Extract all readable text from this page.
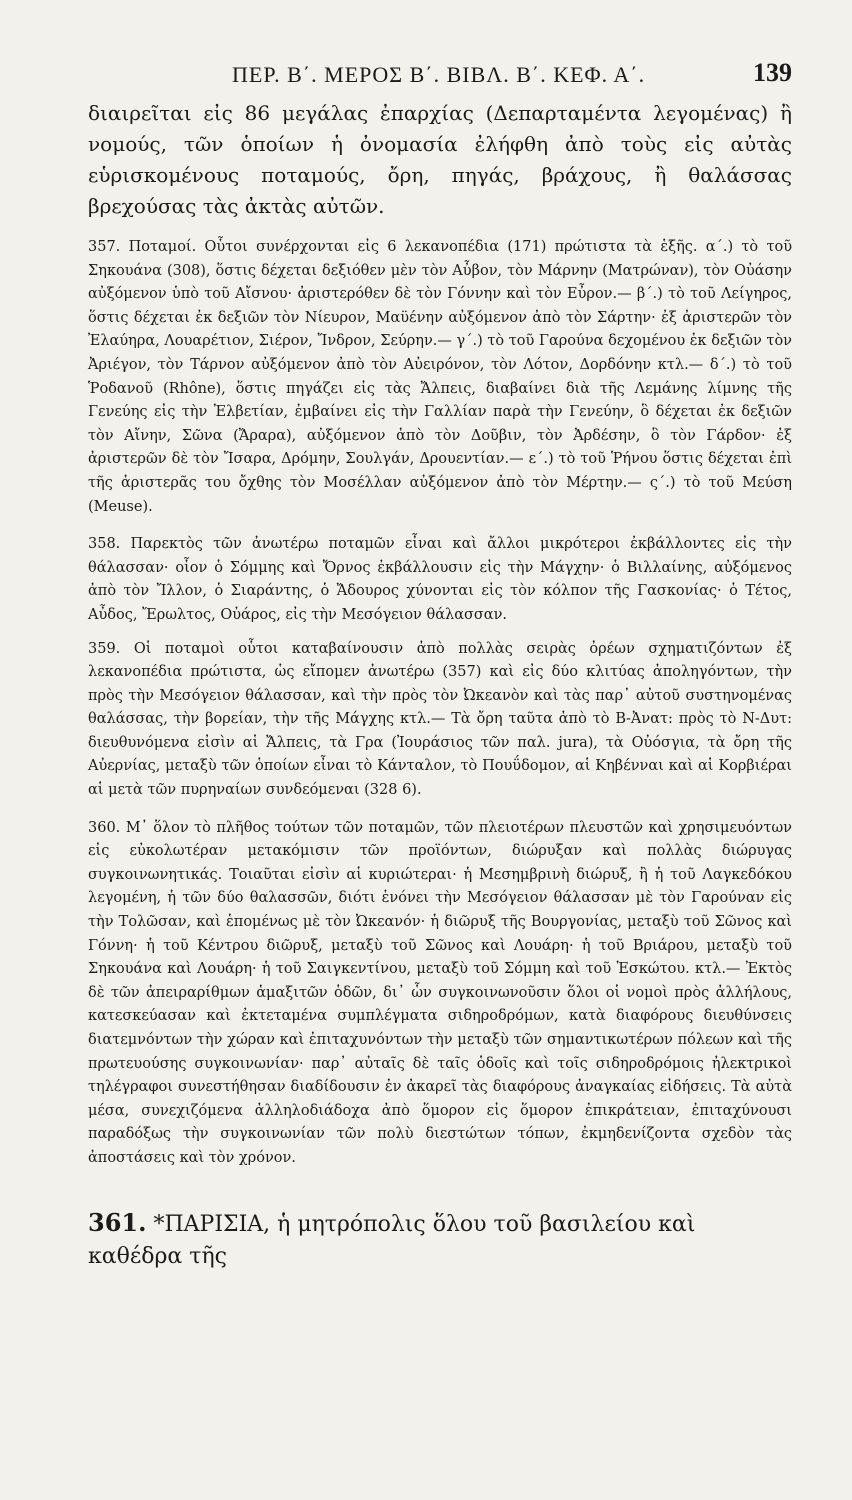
ΠΕΡ. Β΄. ΜΕΡΟΣ Β΄. ΒΙΒΛ. Β΄. ΚΕΦ. Α΄.	139

διαιρεῖται εἰς 86 μεγάλας ἐπαρχίας (Δεπαρταμέντα λεγομένας) ἢ νομούς, τῶν ὁποίων ἡ ὀνομασία ἐλήφθη ἀπὸ τοὺς εἰς αὐτὰς εὑρισκομένους ποταμούς, ὄρη, πηγάς, βράχους, ἢ θαλάσσας βρεχούσας τὰς ἀκτὰς αὐτῶν.

357. Ποταμοί. Οὗτοι συνέρχονται εἰς 6 λεκανοπέδια (171) πρώτιστα τὰ ἑξῆς. α΄.) τὸ τοῦ Σηκουάνα (308), ὅστις δέχεται δεξιόθεν μὲν τὸν Αὖβον, τὸν Μάρνην (Ματρώναν), τὸν Οὐάσην αὐξόμενον ὑπὸ τοῦ Αἴσνου· ἀριστερόθεν δὲ τὸν Γόννην καὶ τὸν Εὖρον.— β΄.) τὸ τοῦ Λείγηρος, ὅστις δέχεται ἐκ δεξιῶν τὸν Νίευρον, Μαϋένην αὐξόμενον ἀπὸ τὸν Σάρτην· ἐξ ἀριστερῶν τὸν Ἐλαύηρα, Λουαρέτιον, Σιέρον, Ἴνδρον, Σεύρην.— γ΄.) τὸ τοῦ Γαρούνα δεχομένου ἐκ δεξιῶν τὸν Ἀριέγον, τὸν Τάρνον αὐξόμενον ἀπὸ τὸν Αὐειρόνον, τὸν Λότον, Δορδόνην κτλ.— δ΄.) τὸ τοῦ Ῥοδανοῦ (Rhône), ὅστις πηγάζει εἰς τὰς Ἄλπεις, διαβαίνει διὰ τῆς Λεμάνης λίμνης τῆς Γενεύης εἰς τὴν Ἐλβετίαν, ἐμβαίνει εἰς τὴν Γαλλίαν παρὰ τὴν Γενεύην, ὃ δέχεται ἐκ δεξιῶν τὸν Αἴνην, Σῶνα (Ἄραρα), αὐξόμενον ἀπὸ τὸν Δοῦβιν, τὸν Ἀρδέσην, ὃ τὸν Γάρδον· ἐξ ἀριστερῶν δὲ τὸν Ἴσαρα, Δρόμην, Σουλγάν, Δρουεντίαν.— ε΄.) τὸ τοῦ Ῥήνου ὅστις δέχεται ἐπὶ τῆς ἀριστερᾶς του ὄχθης τὸν Μοσέλλαν αὐξόμενον ἀπὸ τὸν Μέρτην.— ς΄.) τὸ τοῦ Μεύση (Meuse).

358. Παρεκτὸς τῶν ἀνωτέρω ποταμῶν εἶναι καὶ ἄλλοι μικρότεροι ἐκβάλλοντες εἰς τὴν θάλασσαν· οἷον ὁ Σόμμης καὶ Ὄρνος ἐκβάλλουσιν εἰς τὴν Μάγχην· ὁ Βιλλαίνης, αὐξόμενος ἀπὸ τὸν Ἴλλον, ὁ Σιαράντης, ὁ Ἄδουρος χύνονται εἰς τὸν κόλπον τῆς Γασκονίας· ὁ Τέτος, Αὖδος, Ἔρωλτος, Οὐάρος, εἰς τὴν Μεσόγειον θάλασσαν.

359. Οἱ ποταμοὶ οὗτοι καταβαίνουσιν ἀπὸ πολλὰς σειρὰς ὀρέων σχηματιζόντων ἐξ λεκανοπέδια πρώτιστα, ὡς εἴπομεν ἀνωτέρω (357) καὶ εἰς δύο κλιτύας ἀποληγόντων, τὴν πρὸς τὴν Μεσόγειον θάλασσαν, καὶ τὴν πρὸς τὸν Ὠκεανὸν καὶ τὰς παρ᾽ αὐτοῦ συστηνομένας θαλάσσας, τὴν βορείαν, τὴν τῆς Μάγχης κτλ.— Τὰ ὄρη ταῦτα ἀπὸ τὸ Β-Ἀνατ: πρὸς τὸ Ν-Δυτ: διευθυνόμενα εἰσὶν αἱ Ἄλπεις, τὰ Γρα (Ἰουράσιος τῶν παλ. jura), τὰ Οὐόσγια, τὰ ὄρη τῆς Αὐερνίας, μεταξὺ τῶν ὁποίων εἶναι τὸ Κάνταλον, τὸ Πουΰδομον, αἱ Κηβένναι καὶ αἱ Κορβιέραι αἱ μετὰ τῶν πυρηναίων συνδεόμεναι (328 6).

360. Μ᾽ ὅλον τὸ πλῆθος τούτων τῶν ποταμῶν, τῶν πλειοτέρων πλευστῶν καὶ χρησιμευόντων εἰς εὐκολωτέραν μετακόμισιν τῶν προϊόντων, διώρυξαν καὶ πολλὰς διώρυγας συγκοινωνητικάς. Τοιαῦται εἰσὶν αἱ κυριώτεραι· ἡ Μεσημβρινὴ διώρυξ, ἢ ἡ τοῦ Λαγκεδόκου λεγομένη, ἡ τῶν δύο θαλασσῶν, διότι ἑνόνει τὴν Μεσόγειον θάλασσαν μὲ τὸν Γαρούναν εἰς τὴν Τολῶσαν, καὶ ἑπομένως μὲ τὸν Ὠκεανόν· ἡ διῶρυξ τῆς Βουργονίας, μεταξὺ τοῦ Σῶνος καὶ Γόννη· ἡ τοῦ Κέντρου διῶρυξ, μεταξὺ τοῦ Σῶνος καὶ Λουάρη· ἡ τοῦ Βριάρου, μεταξὺ τοῦ Σηκουάνα καὶ Λουάρη· ἡ τοῦ Σαιγκεντίνου, μεταξὺ τοῦ Σόμμη καὶ τοῦ Ἐσκώτου. κτλ.— Ἐκτὸς δὲ τῶν ἀπειραρίθμων ἁμαξιτῶν ὁδῶν, δι᾽ ὧν συγκοινωνοῦσιν ὅλοι οἱ νομοὶ πρὸς ἀλλήλους, κατεσκεύασαν καὶ ἐκτεταμένα συμπλέγματα σιδηροδρόμων, κατὰ διαφόρους διευθύνσεις διατεμνόντων τὴν χώραν καὶ ἐπιταχυνόντων τὴν μεταξὺ τῶν σημαντικωτέρων πόλεων καὶ τῆς πρωτευούσης συγκοινωνίαν· παρ᾽ αὐταῖς δὲ ταῖς ὁδοῖς καὶ τοῖς σιδηροδρόμοις ἠλεκτρικοὶ τηλέγραφοι συνεστήθησαν διαδίδουσιν ἐν ἀκαρεῖ τὰς διαφόρους ἀναγκαίας εἰδήσεις. Τὰ αὐτὰ μέσα, συνεχιζόμενα ἀλληλοδιάδοχα ἀπὸ ὅμορον εἰς ὅμορον ἐπικράτειαν, ἐπιταχύνουσι παραδόξως τὴν συγκοινωνίαν τῶν πολὺ διεστώτων τόπων, ἐκμηδενίζοντα σχεδὸν τὰς ἀποστάσεις καὶ τὸν χρόνον.

361. *ΠΑΡΙΣΙΑ, ἡ μητρόπολις ὅλου τοῦ βασιλείου καὶ καθέδρα τῆς
